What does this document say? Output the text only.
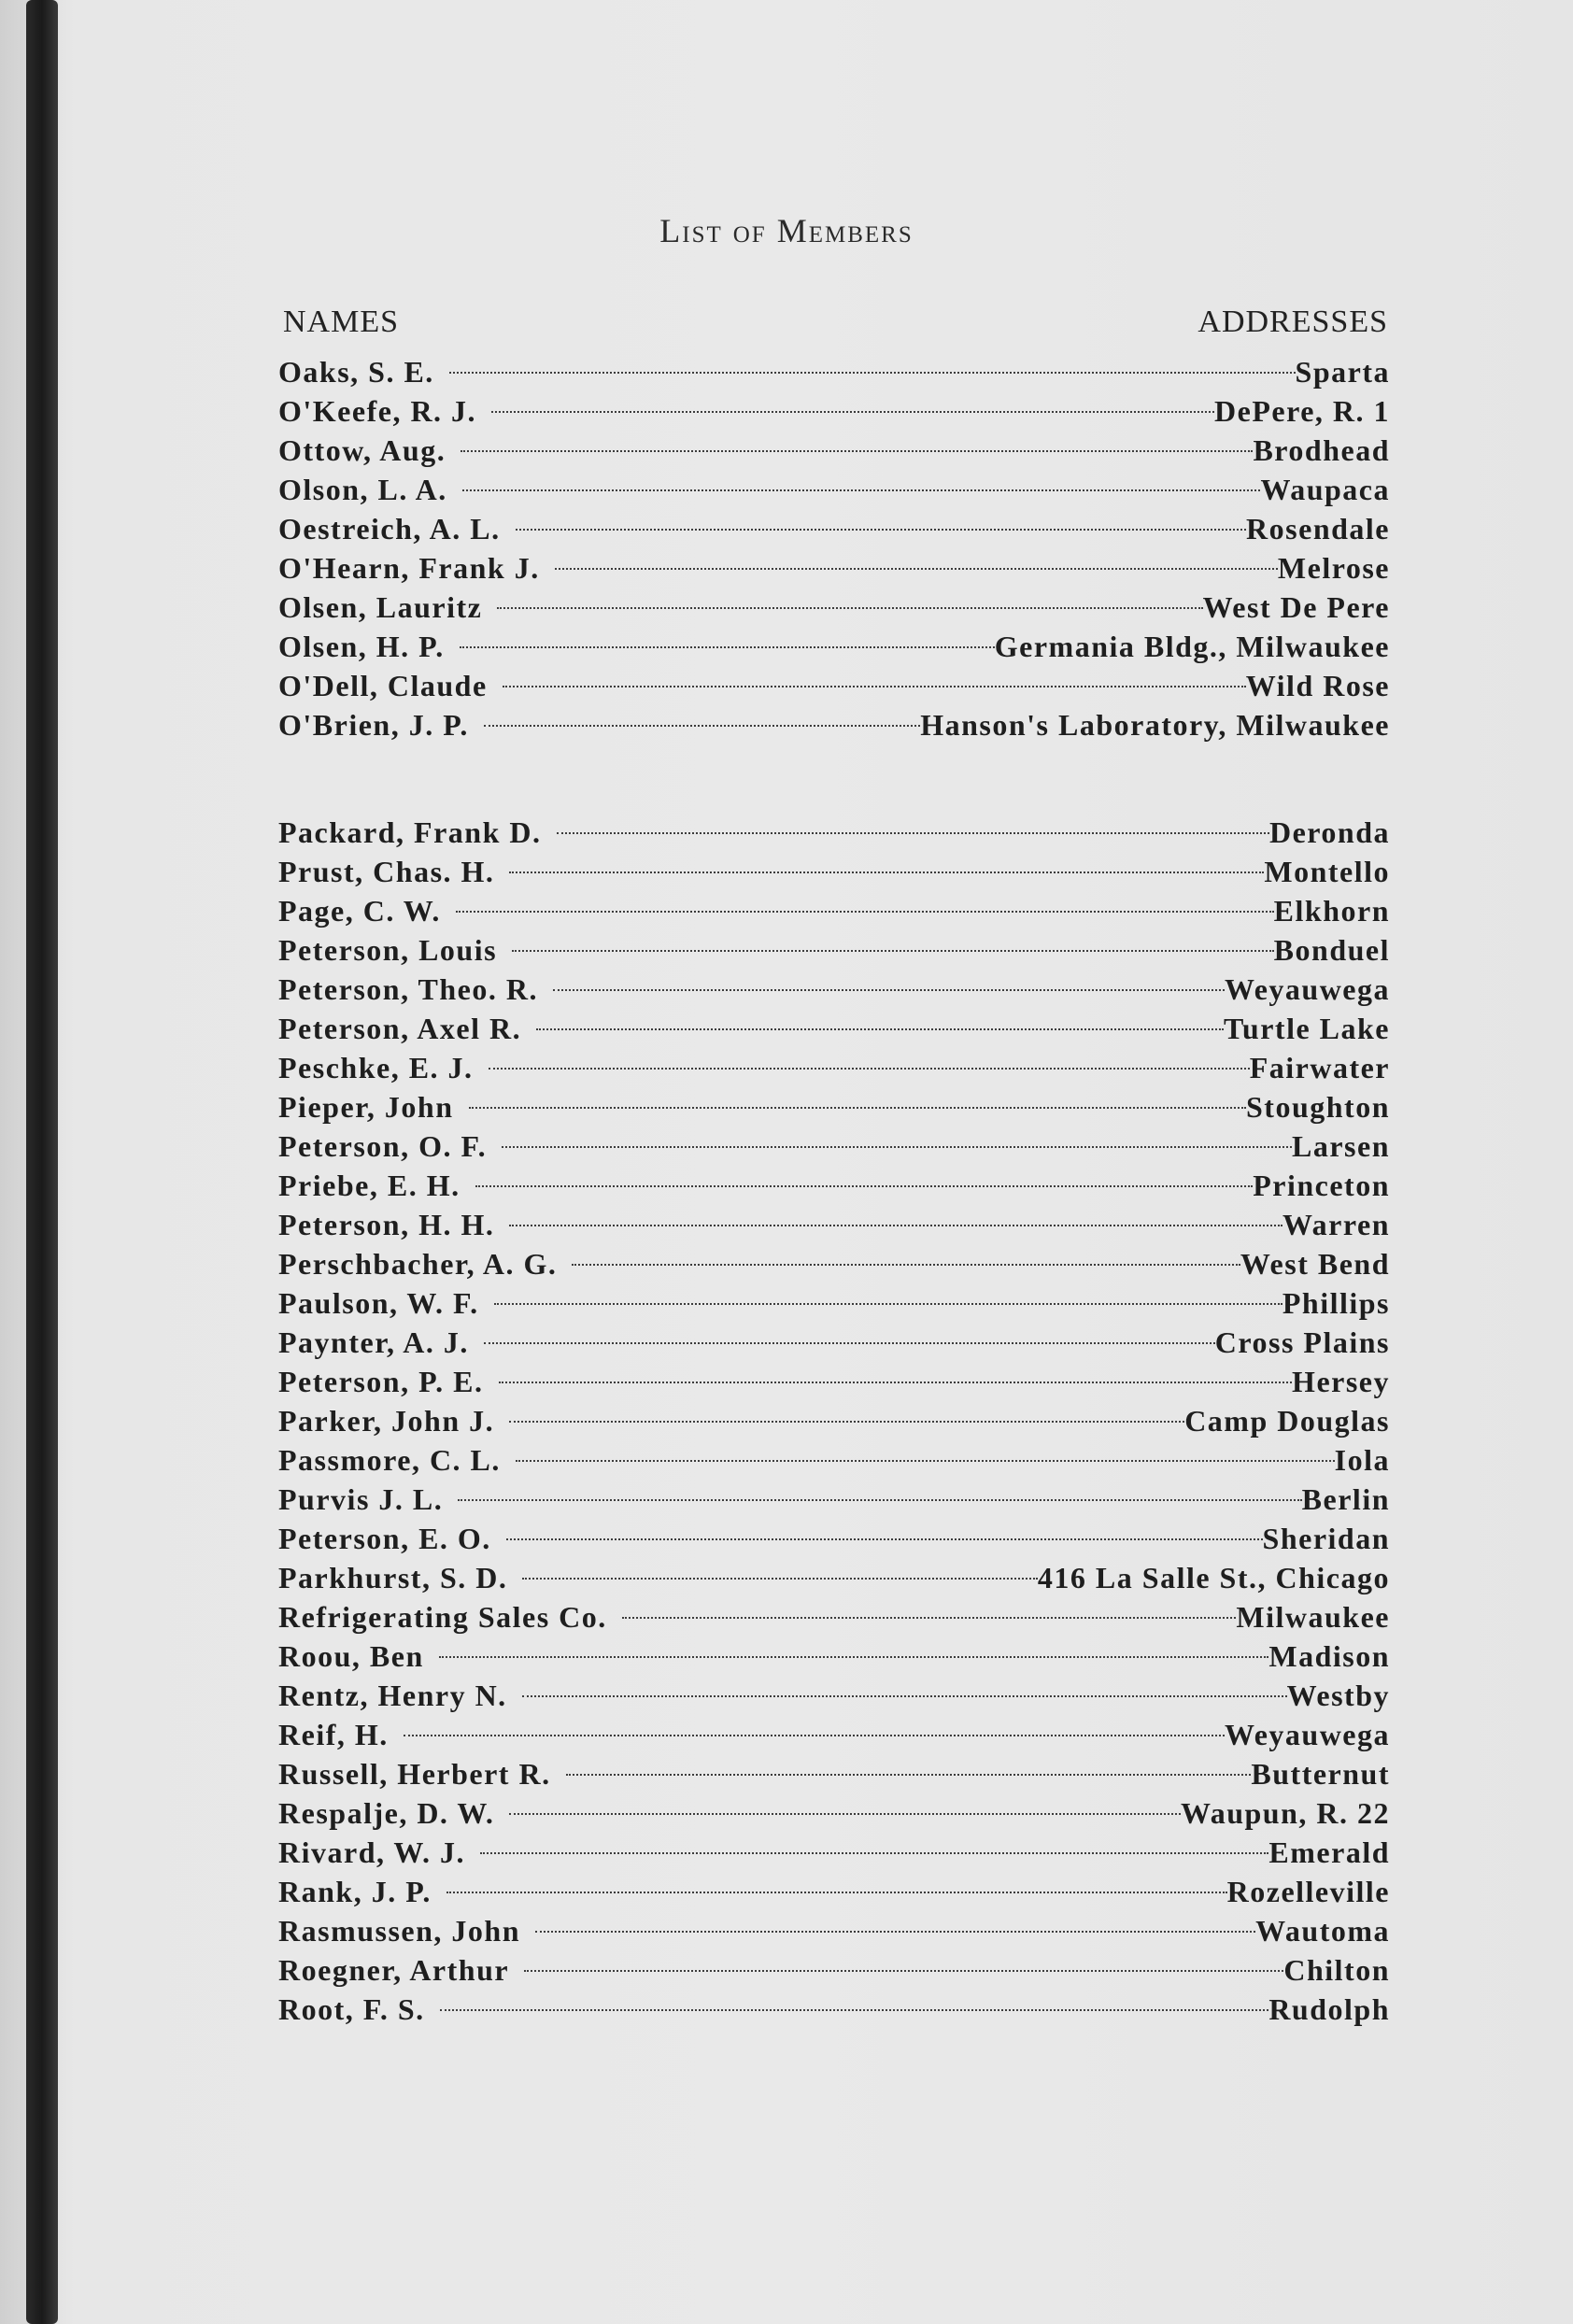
List of Members
NAMES	ADDRESSES
Oaks, S. E.	Sparta
O'Keefe, R. J.	DePere, R. 1
Ottow, Aug.	Brodhead
Olson, L. A.	Waupaca
Oestreich, A. L.	Rosendale
O'Hearn, Frank J.	Melrose
Olsen, Lauritz	West De Pere
Olsen, H. P.	Germania Bldg., Milwaukee
O'Dell, Claude	Wild Rose
O'Brien, J. P.	Hanson's Laboratory, Milwaukee
Packard, Frank D.	Deronda
Prust, Chas. H.	Montello
Page, C. W.	Elkhorn
Peterson, Louis	Bonduel
Peterson, Theo. R.	Weyauwega
Peterson, Axel R.	Turtle Lake
Peschke, E. J.	Fairwater
Pieper, John	Stoughton
Peterson, O. F.	Larsen
Priebe, E. H.	Princeton
Peterson, H. H.	Warren
Perschbacher, A. G.	West Bend
Paulson, W. F.	Phillips
Paynter, A. J.	Cross Plains
Peterson, P. E.	Hersey
Parker, John J.	Camp Douglas
Passmore, C. L.	Iola
Purvis J. L.	Berlin
Peterson, E. O.	Sheridan
Parkhurst, S. D.	416 La Salle St., Chicago
Refrigerating Sales Co.	Milwaukee
Roou, Ben	Madison
Rentz, Henry N.	Westby
Reif, H.	Weyauwega
Russell, Herbert R.	Butternut
Respalje, D. W.	Waupun, R. 22
Rivard, W. J.	Emerald
Rank, J. P.	Rozelleville
Rasmussen, John	Wautoma
Roegner, Arthur	Chilton
Root, F. S.	Rudolph
